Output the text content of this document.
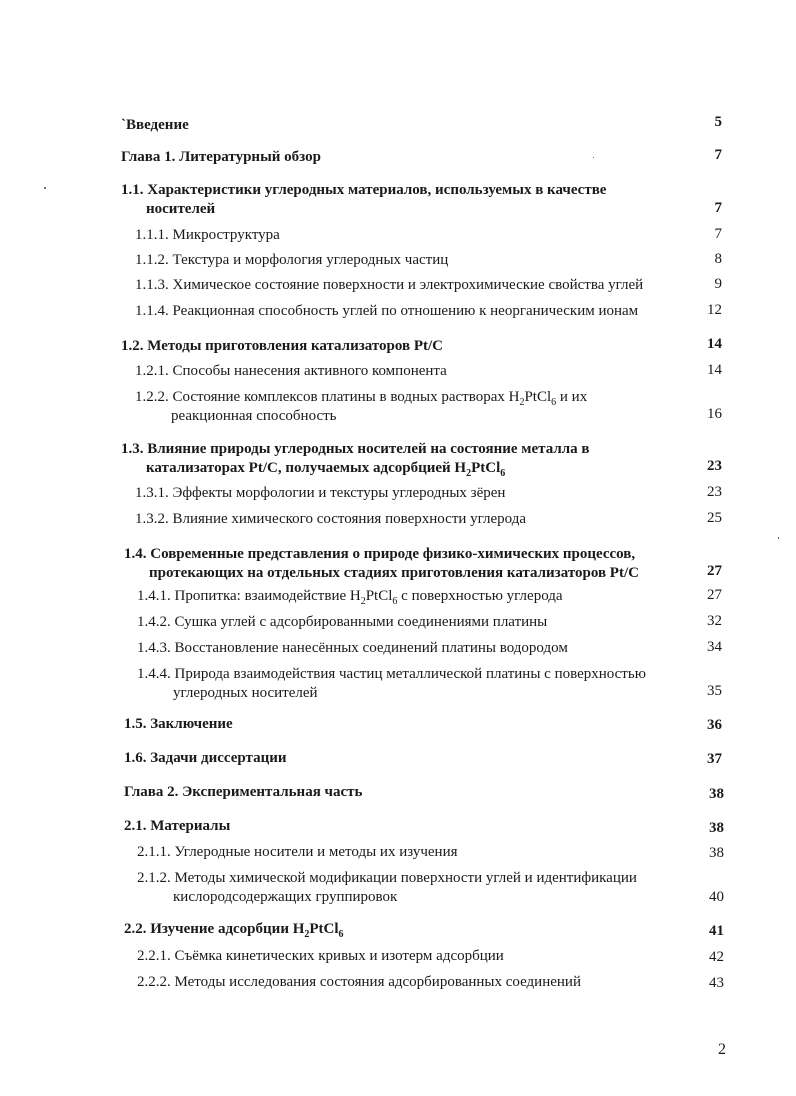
`Введение	5
Глава 1. Литературный обзор	7
1.1. Характеристики углеродных материалов, используемых в качестве
носителей	7
1.1.1. Микроструктура	7
1.1.2. Текстура и морфология углеродных частиц	8
1.1.3. Химическое состояние поверхности и электрохимические свойства углей	9
1.1.4. Реакционная способность углей по отношению к неорганическим ионам	12
1.2. Методы приготовления катализаторов Pt/C	14
1.2.1. Способы нанесения активного компонента	14
1.2.2. Состояние комплексов платины в водных растворах $H_2PtCl_6$ и их
реакционная способность	16
1.3. Влияние природы углеродных носителей на состояние металла в
катализаторах Pt/C, получаемых адсорбцией $H_2PtCl_6$	23
1.3.1. Эффекты морфологии и текстуры углеродных зёрен	23
1.3.2. Влияние химического состояния поверхности углерода	25
1.4. Современные представления о природе физико-химических процессов,
протекающих на отдельных стадиях приготовления катализаторов Pt/C	27
1.4.1. Пропитка: взаимодействие $H_2PtCl_6$ с поверхностью углерода	27
1.4.2. Сушка углей с адсорбированными соединениями платины	32
1.4.3. Восстановление нанесённых соединений платины водородом	34
1.4.4. Природа взаимодействия частиц металлической платины с поверхностью
углеродных носителей	35
1.5. Заключение	36
1.6. Задачи диссертации	37
Глава 2. Экспериментальная часть	38
2.1. Материалы	38
2.1.1. Углеродные носители и методы их изучения	38
2.1.2. Методы химической модификации поверхности углей и идентификации
кислородсодержащих группировок	40
2.2. Изучение адсорбции $H_2PtCl_6$	41
2.2.1. Съёмка кинетических кривых и изотерм адсорбции	42
2.2.2. Методы исследования состояния адсорбированных соединений	43
2
